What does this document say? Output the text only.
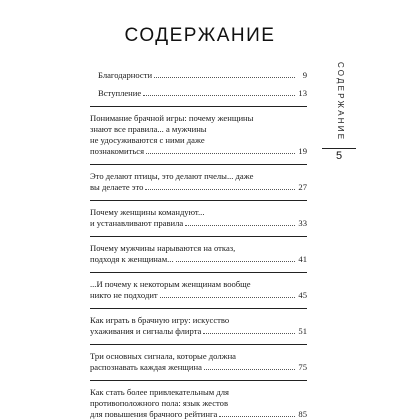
СОДЕРЖАНИЕ
Благодарности	9
Вступление	13
Понимание брачной игры: почему женщины
знают все правила... а мужчины
не удосуживаются с ними даже
познакомиться	19
Это делают птицы, это делают пчелы... даже
вы делаете это	27
Почему женщины командуют...
и устанавливают правила	33
Почему мужчины нарываются на отказ,
подходя к женщинам...	41
...И почему к некоторым женщинам вообще
никто не подходит	45
Как играть в брачную игру: искусство
ухаживания и сигналы флирта	51
Три основных сигнала, которые должна
распознавать каждая женщина	75
Как стать более привлекательным для
противоположного пола: язык жестов
для повышения брачного рейтинга	85
СОДЕРЖАНИЕ
5
